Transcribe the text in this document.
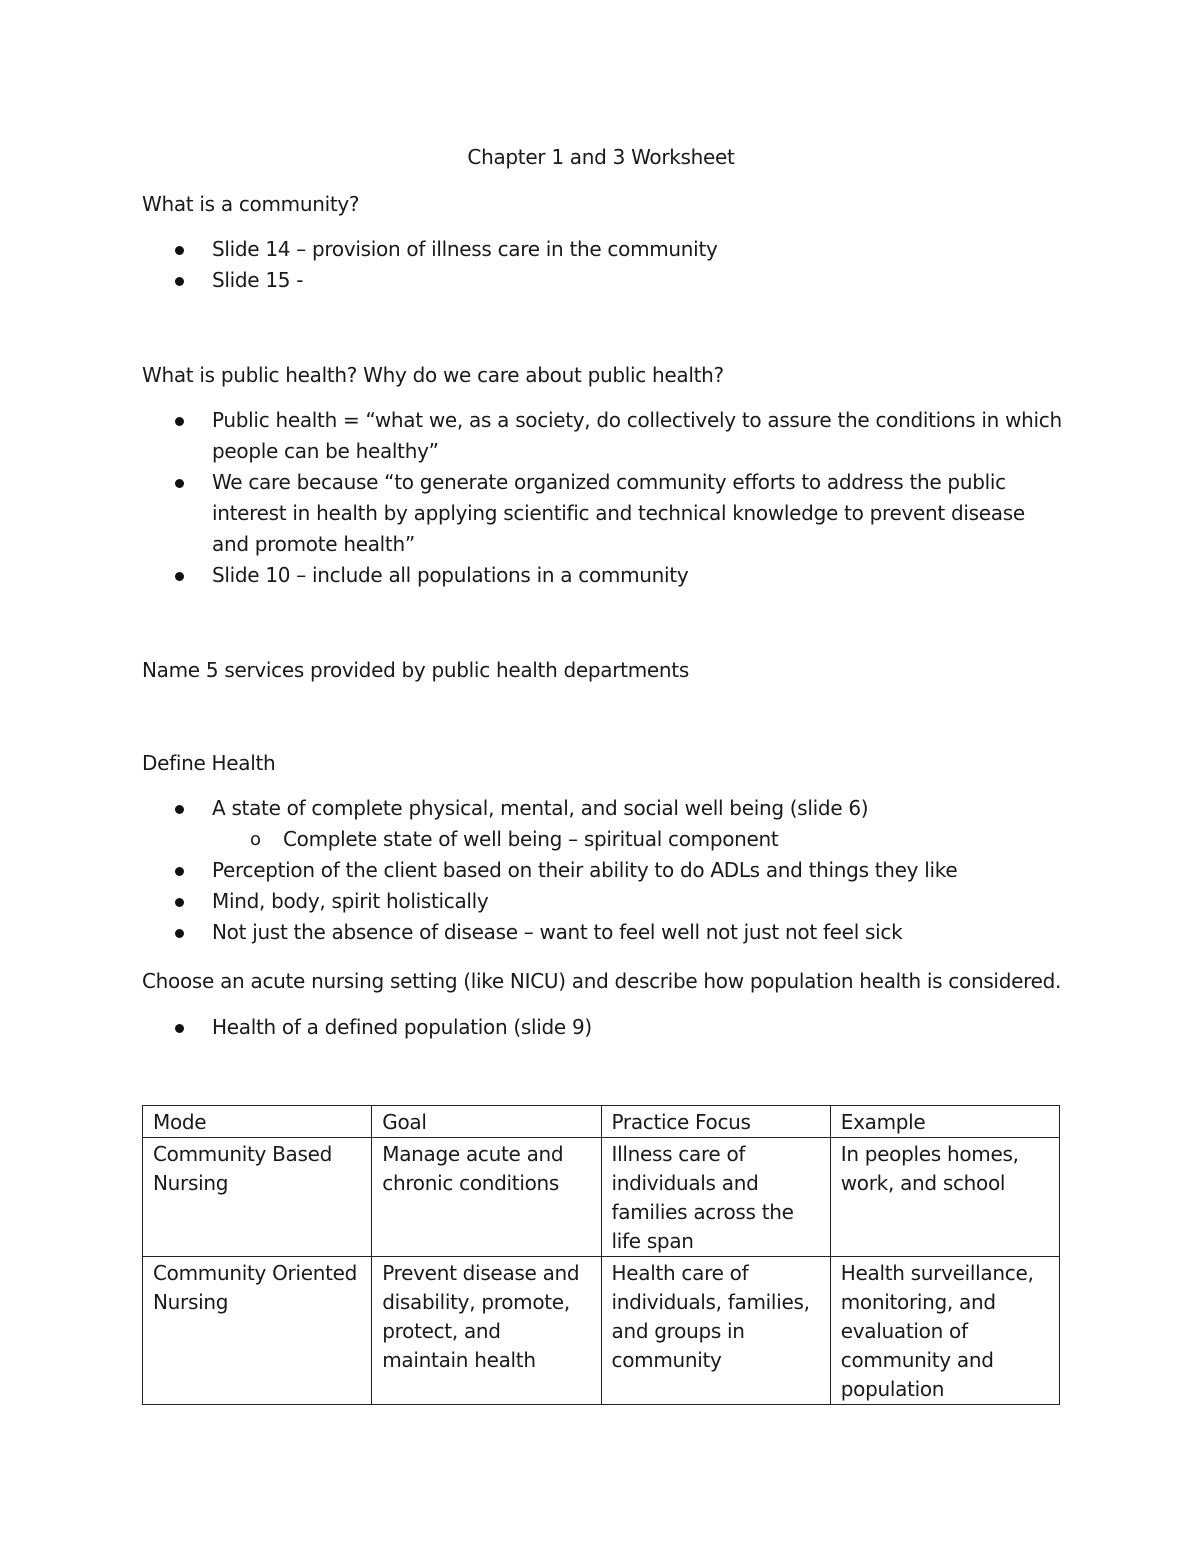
Chapter 1 and 3 Worksheet
What is a community?
Slide 14 – provision of illness care in the community
Slide 15 -
What is public health? Why do we care about public health?
Public health = “what we, as a society, do collectively to assure the conditions in which people can be healthy”
We care because “to generate organized community efforts to address the public interest in health by applying scientific and technical knowledge to prevent disease and promote health”
Slide 10 – include all populations in a community
Name 5 services provided by public health departments
Define Health
A state of complete physical, mental, and social well being (slide 6)
o Complete state of well being – spiritual component
Perception of the client based on their ability to do ADLs and things they like
Mind, body, spirit holistically
Not just the absence of disease – want to feel well not just not feel sick
Choose an acute nursing setting (like NICU) and describe how population health is considered.
Health of a defined population (slide 9)
Mode	Goal	Practice Focus	Example
Community Based Nursing	Manage acute and chronic conditions	Illness care of individuals and families across the life span	In peoples homes, work, and school
Community Oriented Nursing	Prevent disease and disability, promote, protect, and maintain health	Health care of individuals, families, and groups in community	Health surveillance, monitoring, and evaluation of community and population
